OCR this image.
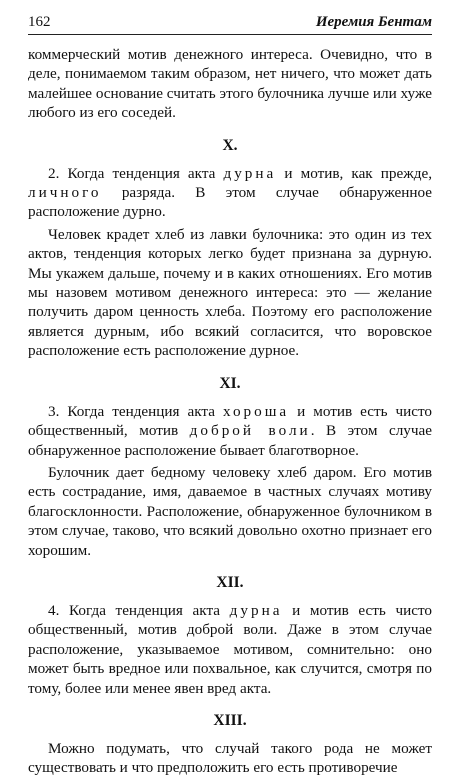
162	Иеремия Бентам

коммерческий мотив денежного интереса. Очевидно, что в деле, понимаемом таким образом, нет ничего, что может дать малейшее основание считать этого булочника лучше или хуже любого из его соседей.

X.

2. Когда тенденция акта дурна и мотив, как прежде, личного разряда. В этом случае обнаруженное расположение дурно.

Человек крадет хлеб из лавки булочника: это один из тех актов, тенденция которых легко будет признана за дурную. Мы укажем дальше, почему и в каких отношениях. Его мотив мы назовем мотивом денежного интереса: это — желание получить даром ценность хлеба. Поэтому его расположение является дурным, ибо всякий согласится, что воровское расположение есть расположение дурное.

XI.

3. Когда тенденция акта хороша и мотив есть чисто общественный, мотив доброй воли. В этом случае обнаруженное расположение бывает благотворное.

Булочник дает бедному человеку хлеб даром. Его мотив есть сострадание, имя, даваемое в частных случаях мотиву благосклонности. Расположение, обнаруженное булочником в этом случае, таково, что всякий довольно охотно признает его хорошим.

XII.

4. Когда тенденция акта дурна и мотив есть чисто общественный, мотив доброй воли. Даже в этом случае расположение, указываемое мотивом, сомнительно: оно может быть вредное или похвальное, как случится, смотря по тому, более или менее явен вред акта.

XIII.

Можно подумать, что случай такого рода не может существовать и что предположить его есть противоречие
